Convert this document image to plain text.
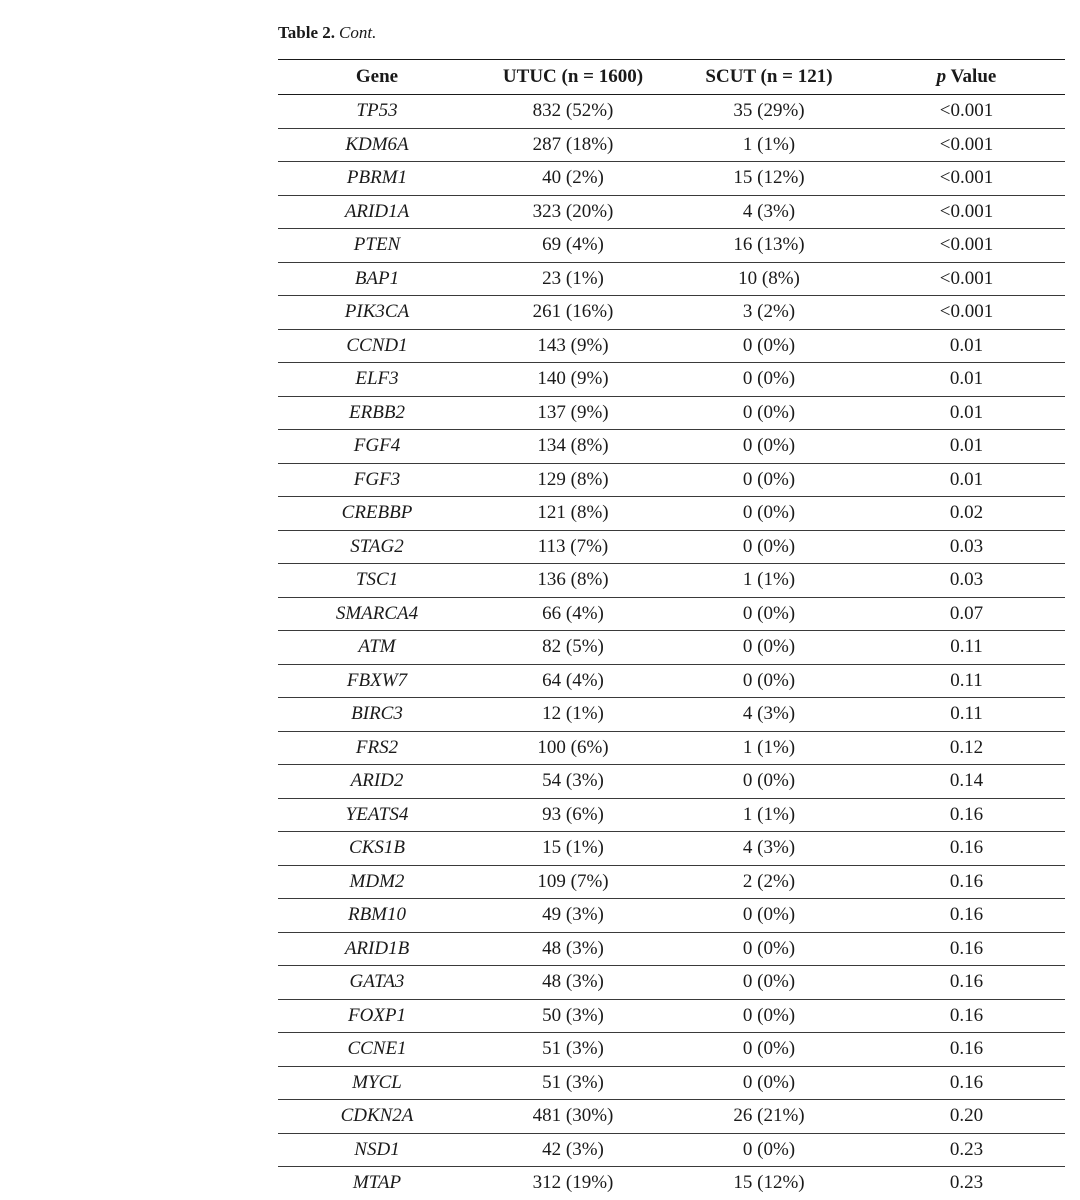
Table 2. Cont.
Gene	UTUC (n = 1600)	SCUT (n = 121)	p Value
TP53	832 (52%)	35 (29%)	<0.001
KDM6A	287 (18%)	1 (1%)	<0.001
PBRM1	40 (2%)	15 (12%)	<0.001
ARID1A	323 (20%)	4 (3%)	<0.001
PTEN	69 (4%)	16 (13%)	<0.001
BAP1	23 (1%)	10 (8%)	<0.001
PIK3CA	261 (16%)	3 (2%)	<0.001
CCND1	143 (9%)	0 (0%)	0.01
ELF3	140 (9%)	0 (0%)	0.01
ERBB2	137 (9%)	0 (0%)	0.01
FGF4	134 (8%)	0 (0%)	0.01
FGF3	129 (8%)	0 (0%)	0.01
CREBBP	121 (8%)	0 (0%)	0.02
STAG2	113 (7%)	0 (0%)	0.03
TSC1	136 (8%)	1 (1%)	0.03
SMARCA4	66 (4%)	0 (0%)	0.07
ATM	82 (5%)	0 (0%)	0.11
FBXW7	64 (4%)	0 (0%)	0.11
BIRC3	12 (1%)	4 (3%)	0.11
FRS2	100 (6%)	1 (1%)	0.12
ARID2	54 (3%)	0 (0%)	0.14
YEATS4	93 (6%)	1 (1%)	0.16
CKS1B	15 (1%)	4 (3%)	0.16
MDM2	109 (7%)	2 (2%)	0.16
RBM10	49 (3%)	0 (0%)	0.16
ARID1B	48 (3%)	0 (0%)	0.16
GATA3	48 (3%)	0 (0%)	0.16
FOXP1	50 (3%)	0 (0%)	0.16
CCNE1	51 (3%)	0 (0%)	0.16
MYCL	51 (3%)	0 (0%)	0.16
CDKN2A	481 (30%)	26 (21%)	0.20
NSD1	42 (3%)	0 (0%)	0.23
MTAP	312 (19%)	15 (12%)	0.23
